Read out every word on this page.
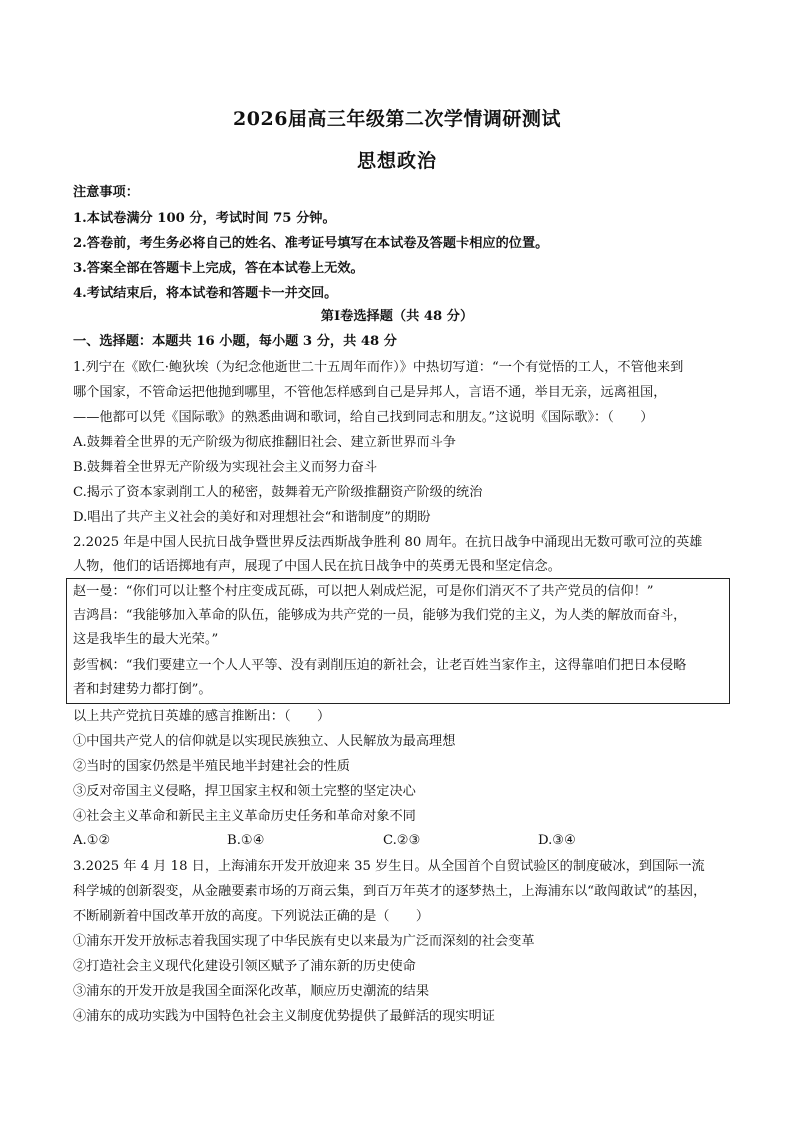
2026届高三年级第二次学情调研测试
思想政治
注意事项：
1.本试卷满分 100 分，考试时间 75 分钟。
2.答卷前，考生务必将自己的姓名、准考证号填写在本试卷及答题卡相应的位置。
3.答案全部在答题卡上完成，答在本试卷上无效。
4.考试结束后，将本试卷和答题卡一并交回。
第Ⅰ卷选择题（共 48 分）
一、选择题：本题共 16 小题，每小题 3 分，共 48 分
1.列宁在《欧仁·鲍狄埃（为纪念他逝世二十五周年而作）》中热切写道：“一个有觉悟的工人，不管他来到
哪个国家，不管命运把他抛到哪里，不管他怎样感到自己是异邦人，言语不通，举目无亲，远离祖国，
——他都可以凭《国际歌》的熟悉曲调和歌词，给自己找到同志和朋友。”这说明《国际歌》：（　　）
A.鼓舞着全世界的无产阶级为彻底推翻旧社会、建立新世界而斗争
B.鼓舞着全世界无产阶级为实现社会主义而努力奋斗
C.揭示了资本家剥削工人的秘密，鼓舞着无产阶级推翻资产阶级的统治
D.唱出了共产主义社会的美好和对理想社会“和谐制度”的期盼
2.2025 年是中国人民抗日战争暨世界反法西斯战争胜利 80 周年。在抗日战争中涌现出无数可歌可泣的英雄
人物，他们的话语掷地有声，展现了中国人民在抗日战争中的英勇无畏和坚定信念。
赵一曼：“你们可以让整个村庄变成瓦砾，可以把人剁成烂泥，可是你们消灭不了共产党员的信仰！”
吉鸿昌：“我能够加入革命的队伍，能够成为共产党的一员，能够为我们党的主义，为人类的解放而奋斗，
这是我毕生的最大光荣。”
彭雪枫：“我们要建立一个人人平等、没有剥削压迫的新社会，让老百姓当家作主，这得靠咱们把日本侵略
者和封建势力都打倒”。
以上共产党抗日英雄的感言推断出：（　　）
①中国共产党人的信仰就是以实现民族独立、人民解放为最高理想
②当时的国家仍然是半殖民地半封建社会的性质
③反对帝国主义侵略，捍卫国家主权和领土完整的坚定决心
④社会主义革命和新民主主义革命历史任务和革命对象不同
A.①②	B.①④	C.②③	D.③④
3.2025 年 4 月 18 日，上海浦东开发开放迎来 35 岁生日。从全国首个自贸试验区的制度破冰，到国际一流
科学城的创新裂变，从金融要素市场的万商云集，到百万年英才的逐梦热土，上海浦东以“敢闯敢试”的基因，
不断刷新着中国改革开放的高度。下列说法正确的是（　　）
①浦东开发开放标志着我国实现了中华民族有史以来最为广泛而深刻的社会变革
②打造社会主义现代化建设引领区赋予了浦东新的历史使命
③浦东的开发开放是我国全面深化改革，顺应历史潮流的结果
④浦东的成功实践为中国特色社会主义制度优势提供了最鲜活的现实明证
